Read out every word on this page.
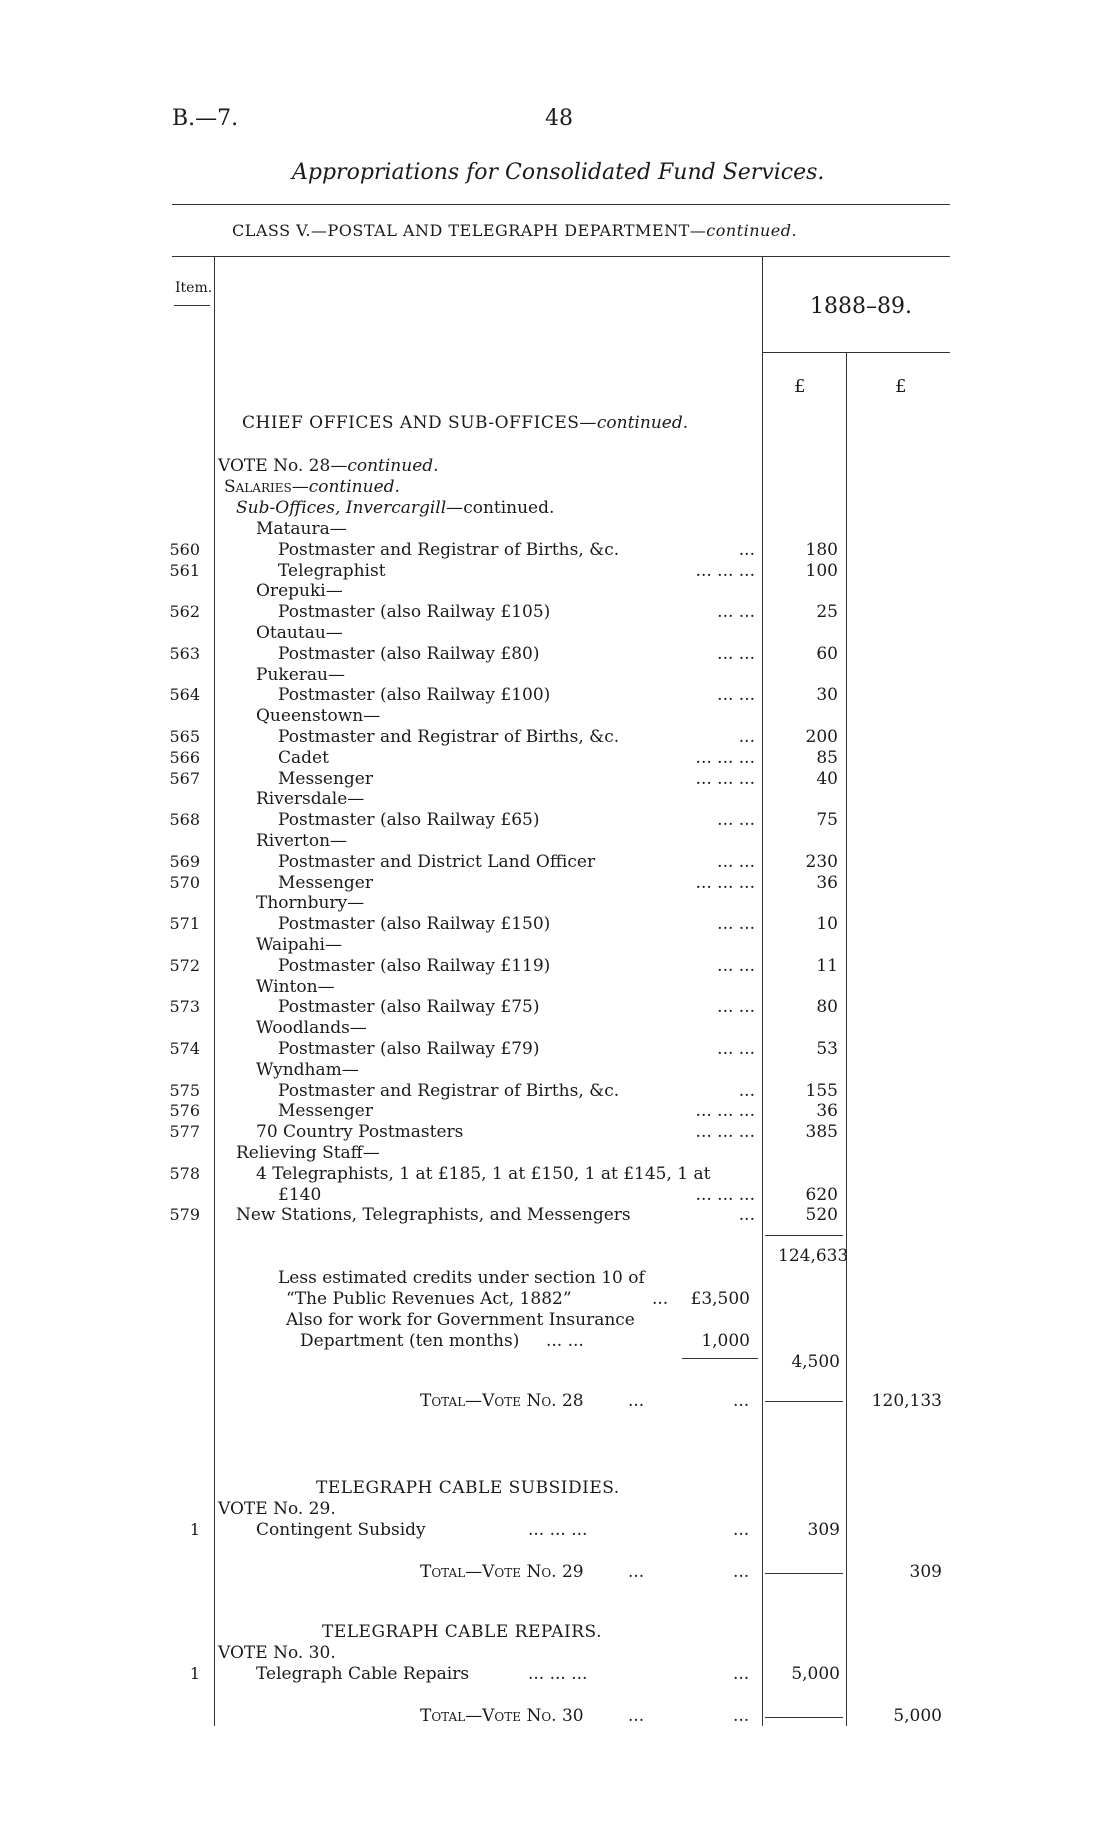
B.—7.	48
Appropriations for Consolidated Fund Services.
CLASS V.—POSTAL AND TELEGRAPH DEPARTMENT—continued.
Item.
1888–89.
£	£
CHIEF OFFICES AND SUB-OFFICES—continued.
VOTE No. 28—continued.
Salaries—continued.
Sub-Offices, Invercargill—continued.
Mataura—
560	Postmaster and Registrar of Births, &c.	...	180
561	Telegraphist	... ... ...	100
Orepuki—
562	Postmaster (also Railway £105)	... ...	25
Otautau—
563	Postmaster (also Railway £80)	... ...	60
Pukerau—
564	Postmaster (also Railway £100)	... ...	30
Queenstown—
565	Postmaster and Registrar of Births, &c.	...	200
566	Cadet	... ... ...	85
567	Messenger	... ... ...	40
Riversdale—
568	Postmaster (also Railway £65)	... ...	75
Riverton—
569	Postmaster and District Land Officer	... ...	230
570	Messenger	... ... ...	36
Thornbury—
571	Postmaster (also Railway £150)	... ...	10
Waipahi—
572	Postmaster (also Railway £119)	... ...	11
Winton—
573	Postmaster (also Railway £75)	... ...	80
Woodlands—
574	Postmaster (also Railway £79)	... ...	53
Wyndham—
575	Postmaster and Registrar of Births, &c.	...	155
576	Messenger	... ... ...	36
577	70 Country Postmasters	... ... ...	385
Relieving Staff—
578	4 Telegraphists, 1 at £185, 1 at £150, 1 at £145, 1 at
£140	... ... ...	620
579 New Stations, Telegraphists, and Messengers	...	520
124,633
Less estimated credits under section 10 of
“The Public Revenues Act, 1882”	...	£3,500
Also for work for Government Insurance
Department (ten months) ... ...	1,000
4,500
Total—Vote No. 28	...	...	120,133
TELEGRAPH CABLE SUBSIDIES.
VOTE No. 29.
1	Contingent Subsidy	... ... ...	...	309
Total—Vote No. 29	...	...	309
TELEGRAPH CABLE REPAIRS.
VOTE No. 30.
1	Telegraph Cable Repairs	... ... ...	...	5,000
Total—Vote No. 30	...	...	5,000
